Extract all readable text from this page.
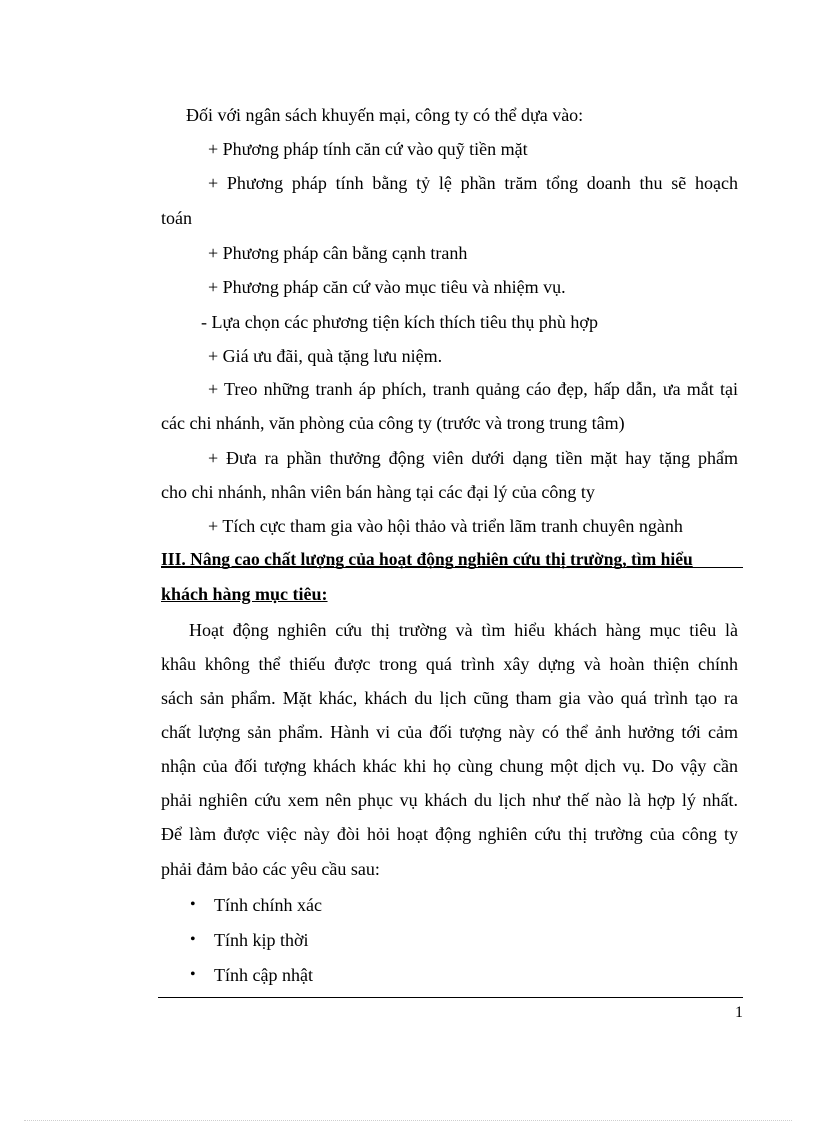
Đối với ngân sách khuyến mại, công ty có thể dựa vào:
+ Phương pháp tính căn cứ vào quỹ tiền mặt
+ Phương pháp tính bằng tỷ lệ phần trăm tổng doanh thu sẽ hoạch
toán
+ Phương pháp cân bằng cạnh tranh
+ Phương pháp căn cứ vào mục tiêu và nhiệm vụ.
- Lựa chọn các phương tiện kích thích tiêu thụ phù hợp
+ Giá ưu đãi, quà tặng lưu niệm.
+ Treo những tranh áp phích, tranh quảng cáo đẹp, hấp dẫn, ưa mắt tại
các chi nhánh, văn phòng của công ty (trước và trong trung tâm)
+ Đưa ra phần thưởng động viên dưới dạng tiền mặt hay tặng phẩm
cho chi nhánh, nhân viên bán hàng tại các đại lý của công ty
+ Tích cực tham gia vào hội thảo và triển lãm tranh chuyên ngành
III. Nâng cao chất lượng của hoạt động nghiên cứu thị trường, tìm hiểu
khách hàng mục tiêu:
Hoạt động nghiên cứu thị trường và tìm hiểu khách hàng mục tiêu là
khâu không thể thiếu được trong quá trình xây dựng và hoàn thiện chính
sách sản phẩm. Mặt khác, khách du lịch cũng tham gia vào quá trình tạo ra
chất lượng sản phẩm. Hành vi của đối tượng này có thể ảnh hưởng tới cảm
nhận của đối tượng khách khác khi họ cùng chung một dịch vụ. Do vậy cần
phải nghiên cứu xem nên phục vụ khách du lịch như thế nào là hợp lý nhất.
Để làm được việc này đòi hỏi hoạt động nghiên cứu thị trường của công ty
phải đảm bảo các yêu cầu sau:
• Tính chính xác
• Tính kịp thời
• Tính cập nhật
1
